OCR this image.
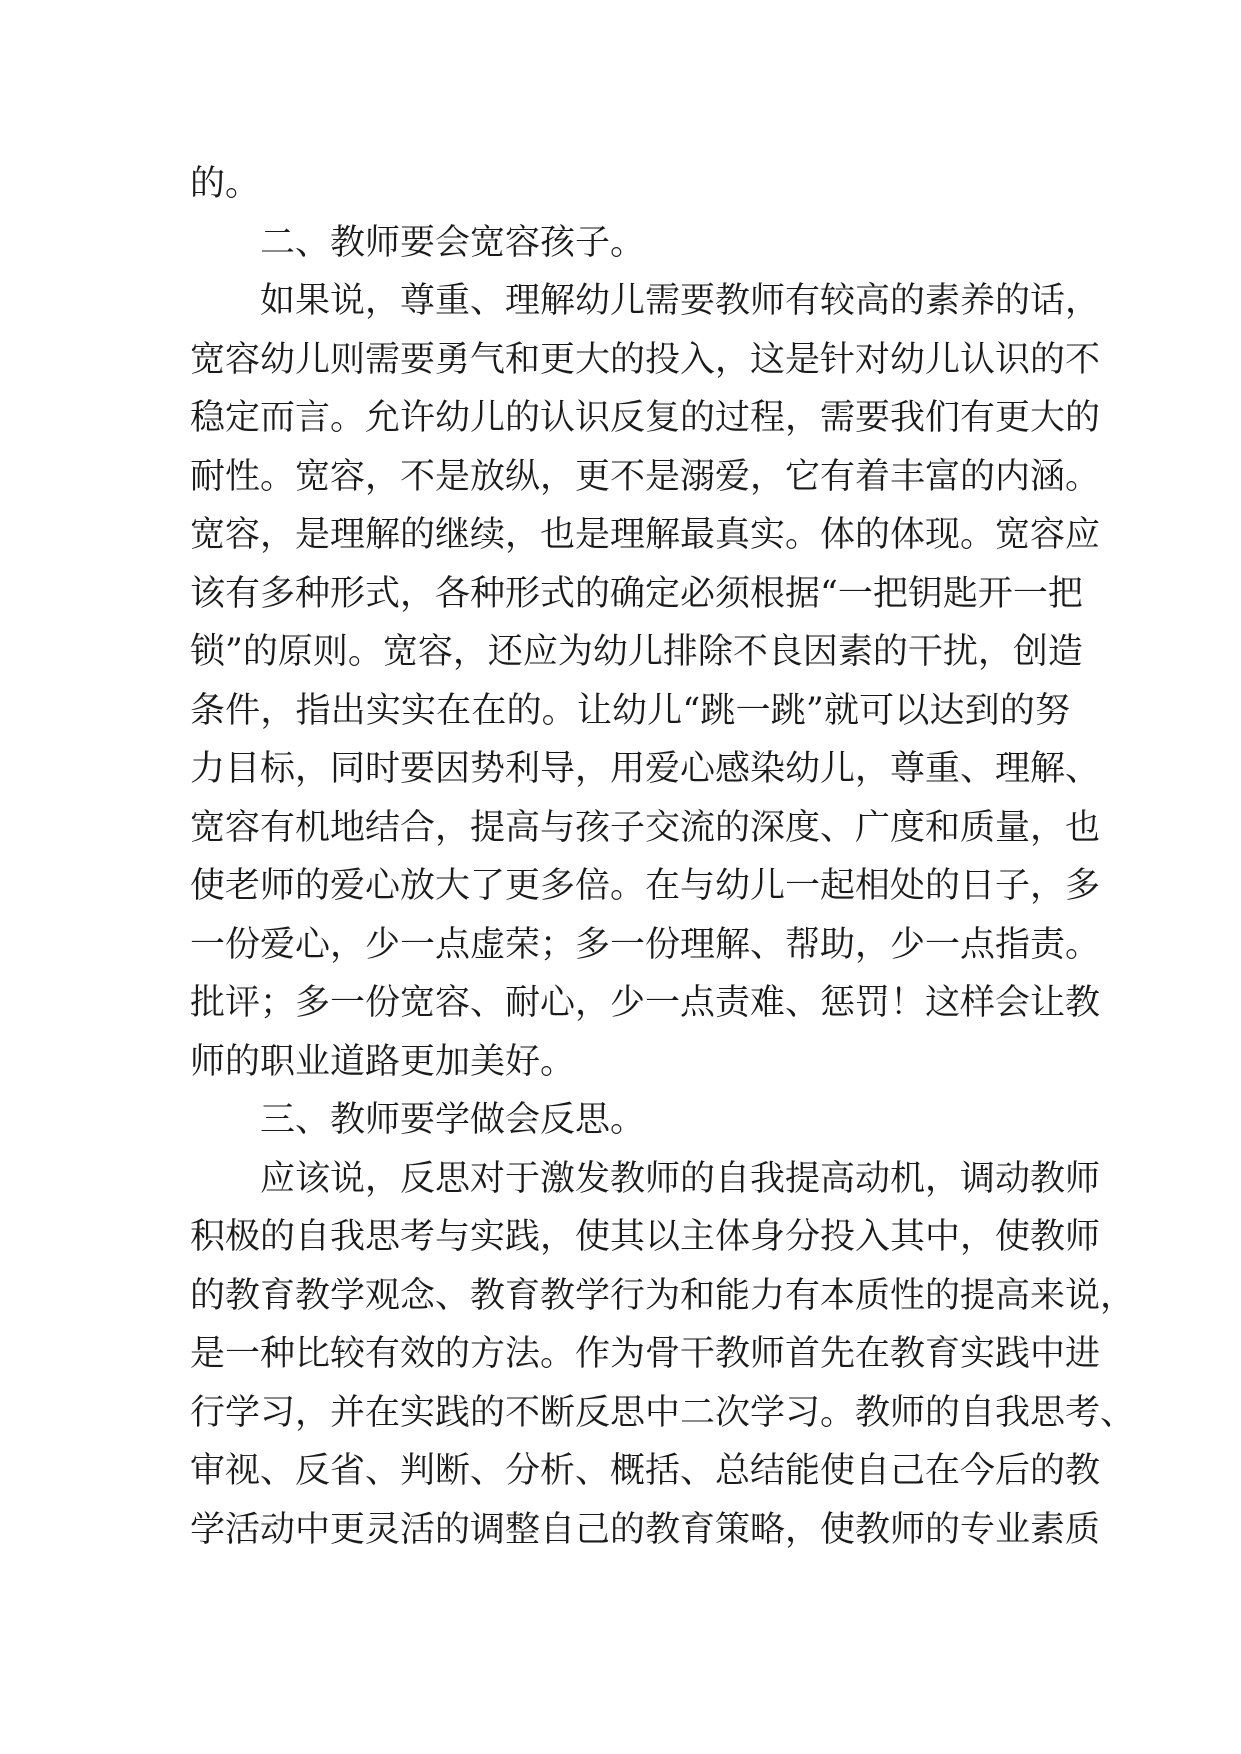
的。
二、教师要会宽容孩子。
如果说，尊重、理解幼儿需要教师有较高的素养的话，
宽容幼儿则需要勇气和更大的投入，这是针对幼儿认识的不
稳定而言。允许幼儿的认识反复的过程，需要我们有更大的
耐性。宽容，不是放纵，更不是溺爱，它有着丰富的内涵。
宽容，是理解的继续，也是理解最真实。体的体现。宽容应
该有多种形式，各种形式的确定必须根据“一把钥匙开一把
锁”的原则。宽容，还应为幼儿排除不良因素的干扰，创造
条件，指出实实在在的。让幼儿“跳一跳”就可以达到的努
力目标，同时要因势利导，用爱心感染幼儿，尊重、理解、
宽容有机地结合，提高与孩子交流的深度、广度和质量，也
使老师的爱心放大了更多倍。在与幼儿一起相处的日子，多
一份爱心，少一点虚荣；多一份理解、帮助，少一点指责。
批评；多一份宽容、耐心，少一点责难、惩罚！这样会让教
师的职业道路更加美好。
三、教师要学做会反思。
应该说，反思对于激发教师的自我提高动机，调动教师
积极的自我思考与实践，使其以主体身分投入其中，使教师
的教育教学观念、教育教学行为和能力有本质性的提高来说，
是一种比较有效的方法。作为骨干教师首先在教育实践中进
行学习，并在实践的不断反思中二次学习。教师的自我思考、
审视、反省、判断、分析、概括、总结能使自己在今后的教
学活动中更灵活的调整自己的教育策略，使教师的专业素质
